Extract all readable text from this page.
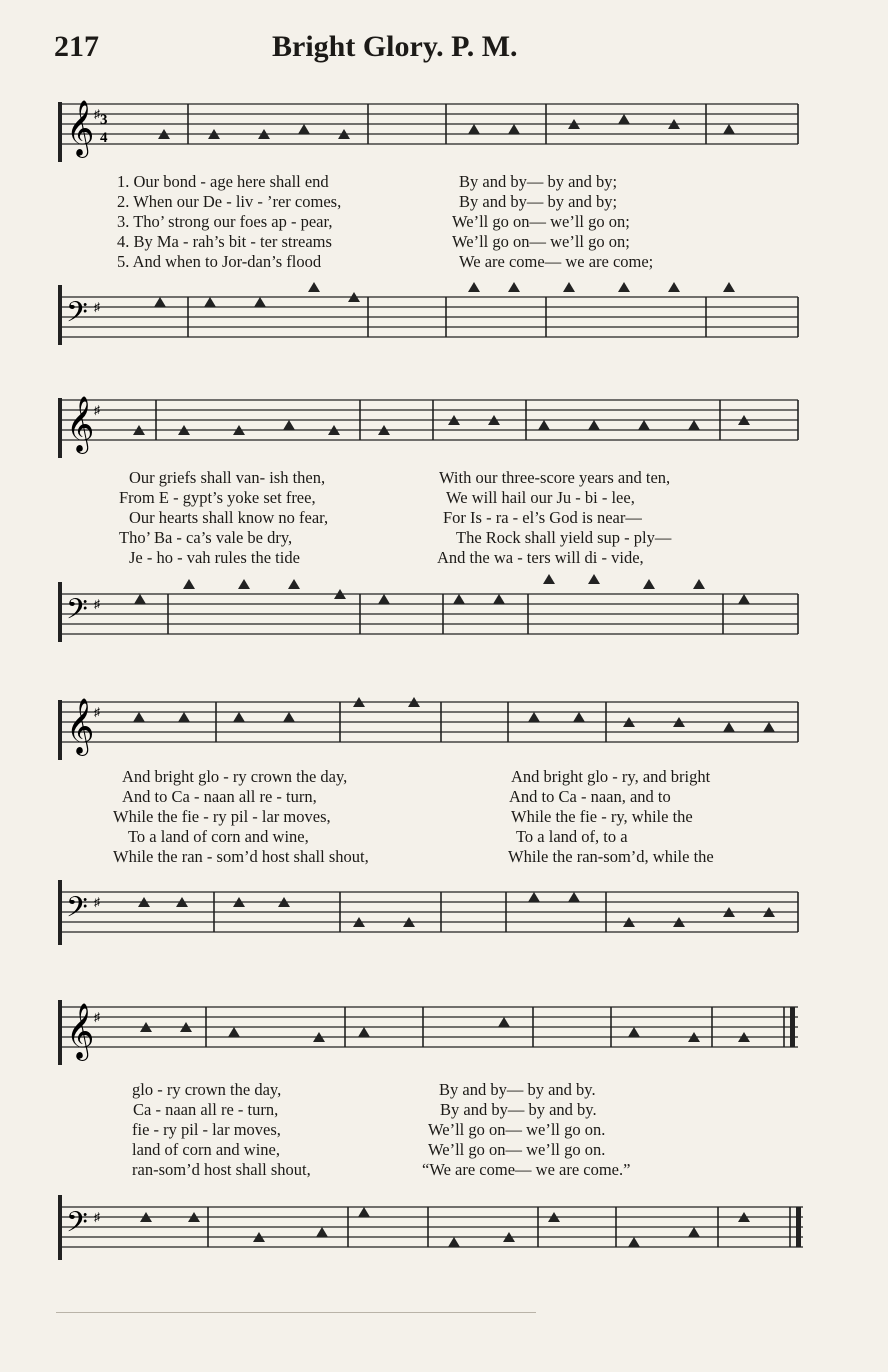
217	Bright Glory. P. M.
𝄞 ♯ 3
4
1. Our bond - age here shall end	By and by— by and by;
2. When our De - liv - ’rer comes,	By and by— by and by;
3. Tho’ strong our foes ap - pear,	We’ll go on— we’ll go on;
4. By Ma - rah’s bit - ter streams	We’ll go on— we’ll go on;
5. And when to Jor-dan’s flood	We are come— we are come;
𝄢 ♯
𝄞 ♯
Our griefs shall van- ish then,	With our three-score years and ten,
From E - gypt’s yoke set free,	We will hail our Ju - bi - lee,
Our hearts shall know no fear,	For Is - ra - el’s God is near—
Tho’ Ba - ca’s vale be dry,	The Rock shall yield sup - ply—
Je - ho - vah rules the tide	And the wa - ters will di - vide,
𝄢 ♯
𝄞 ♯
And bright glo - ry crown the day,	And bright glo - ry, and bright
And to Ca - naan all re - turn,	And to Ca - naan, and to
While the fie - ry pil - lar moves,	While the fie - ry, while the
To a land of corn and wine,	To a land of, to a
While the ran - som’d host shall shout,	While the ran-som’d, while the
𝄢 ♯
𝄞 ♯
glo - ry crown the day,	By and by— by and by.
Ca - naan all re - turn,	By and by— by and by.
fie - ry pil - lar moves,	We’ll go on— we’ll go on.
land of corn and wine,	We’ll go on— we’ll go on.
ran-som’d host shall shout,	“We are come— we are come.”
𝄢 ♯
